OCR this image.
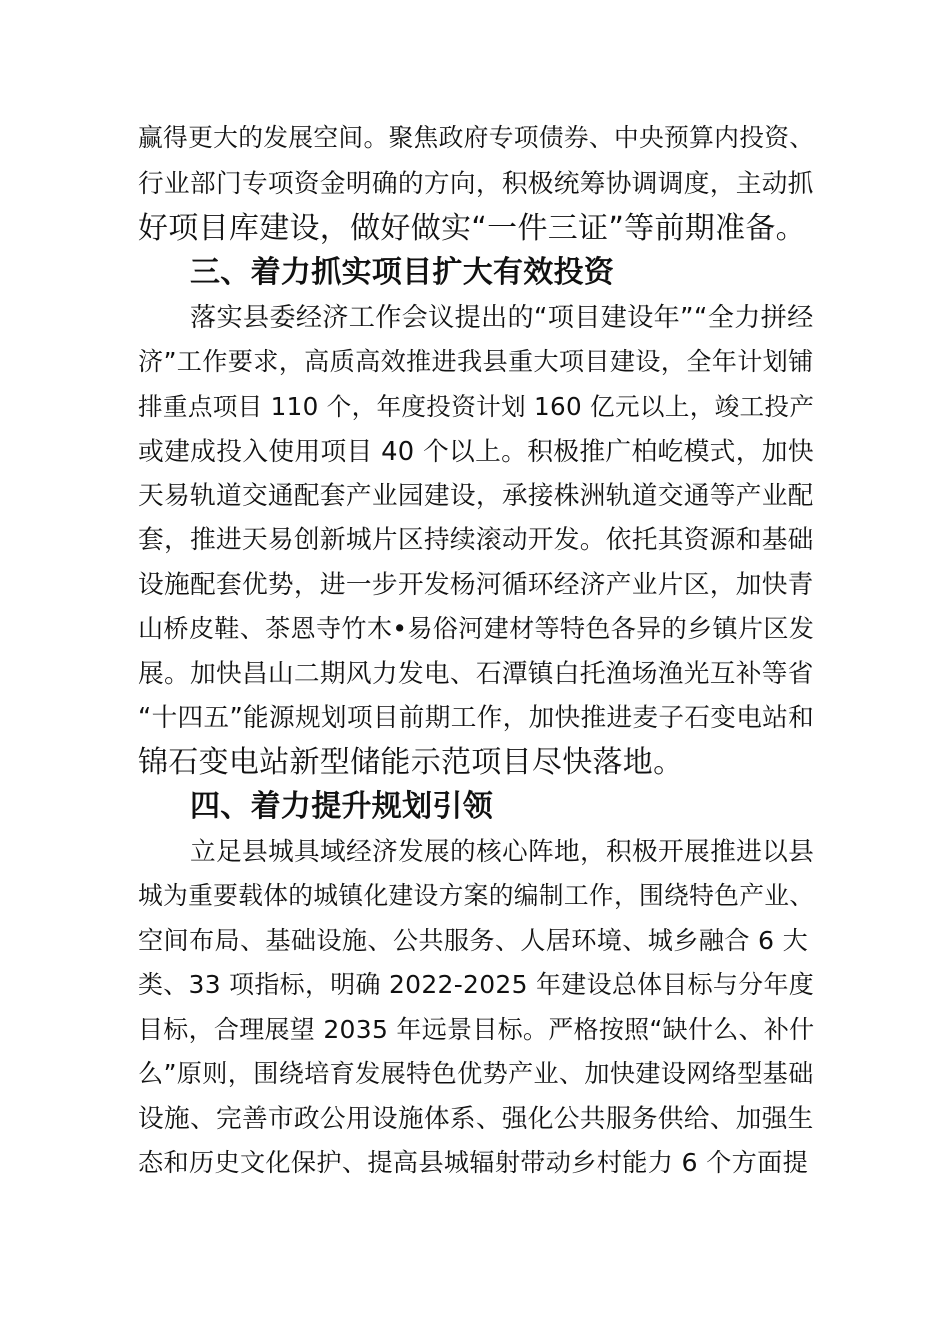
赢得更大的发展空间。聚焦政府专项债券、中央预算内投资、
行业部门专项资金明确的方向，积极统筹协调调度，主动抓
好项目库建设，做好做实“一件三证”等前期准备。
三、着力抓实项目扩大有效投资
落实县委经济工作会议提出的“项目建设年”“全力拼经
济”工作要求，高质高效推进我县重大项目建设，全年计划铺
排重点项目 110 个，年度投资计划 160 亿元以上，竣工投产
或建成投入使用项目 40 个以上。积极推广柏屹模式，加快
天易轨道交通配套产业园建设，承接株洲轨道交通等产业配
套，推进天易创新城片区持续滚动开发。依托其资源和基础
设施配套优势，进一步开发杨河循环经济产业片区，加快青
山桥皮鞋、茶恩寺竹木•易俗河建材等特色各异的乡镇片区发
展。加快昌山二期风力发电、石潭镇白托渔场渔光互补等省
“十四五”能源规划项目前期工作，加快推进麦子石变电站和
锦石变电站新型储能示范项目尽快落地。
四、着力提升规划引领
立足县城具域经济发展的核心阵地，积极开展推进以县
城为重要载体的城镇化建设方案的编制工作，围绕特色产业、
空间布局、基础设施、公共服务、人居环境、城乡融合 6 大
类、33 项指标，明确 2022-2025 年建设总体目标与分年度
目标，合理展望 2035 年远景目标。严格按照“缺什么、补什
么”原则，围绕培育发展特色优势产业、加快建设网络型基础
设施、完善市政公用设施体系、强化公共服务供给、加强生
态和历史文化保护、提高县城辐射带动乡村能力 6 个方面提
